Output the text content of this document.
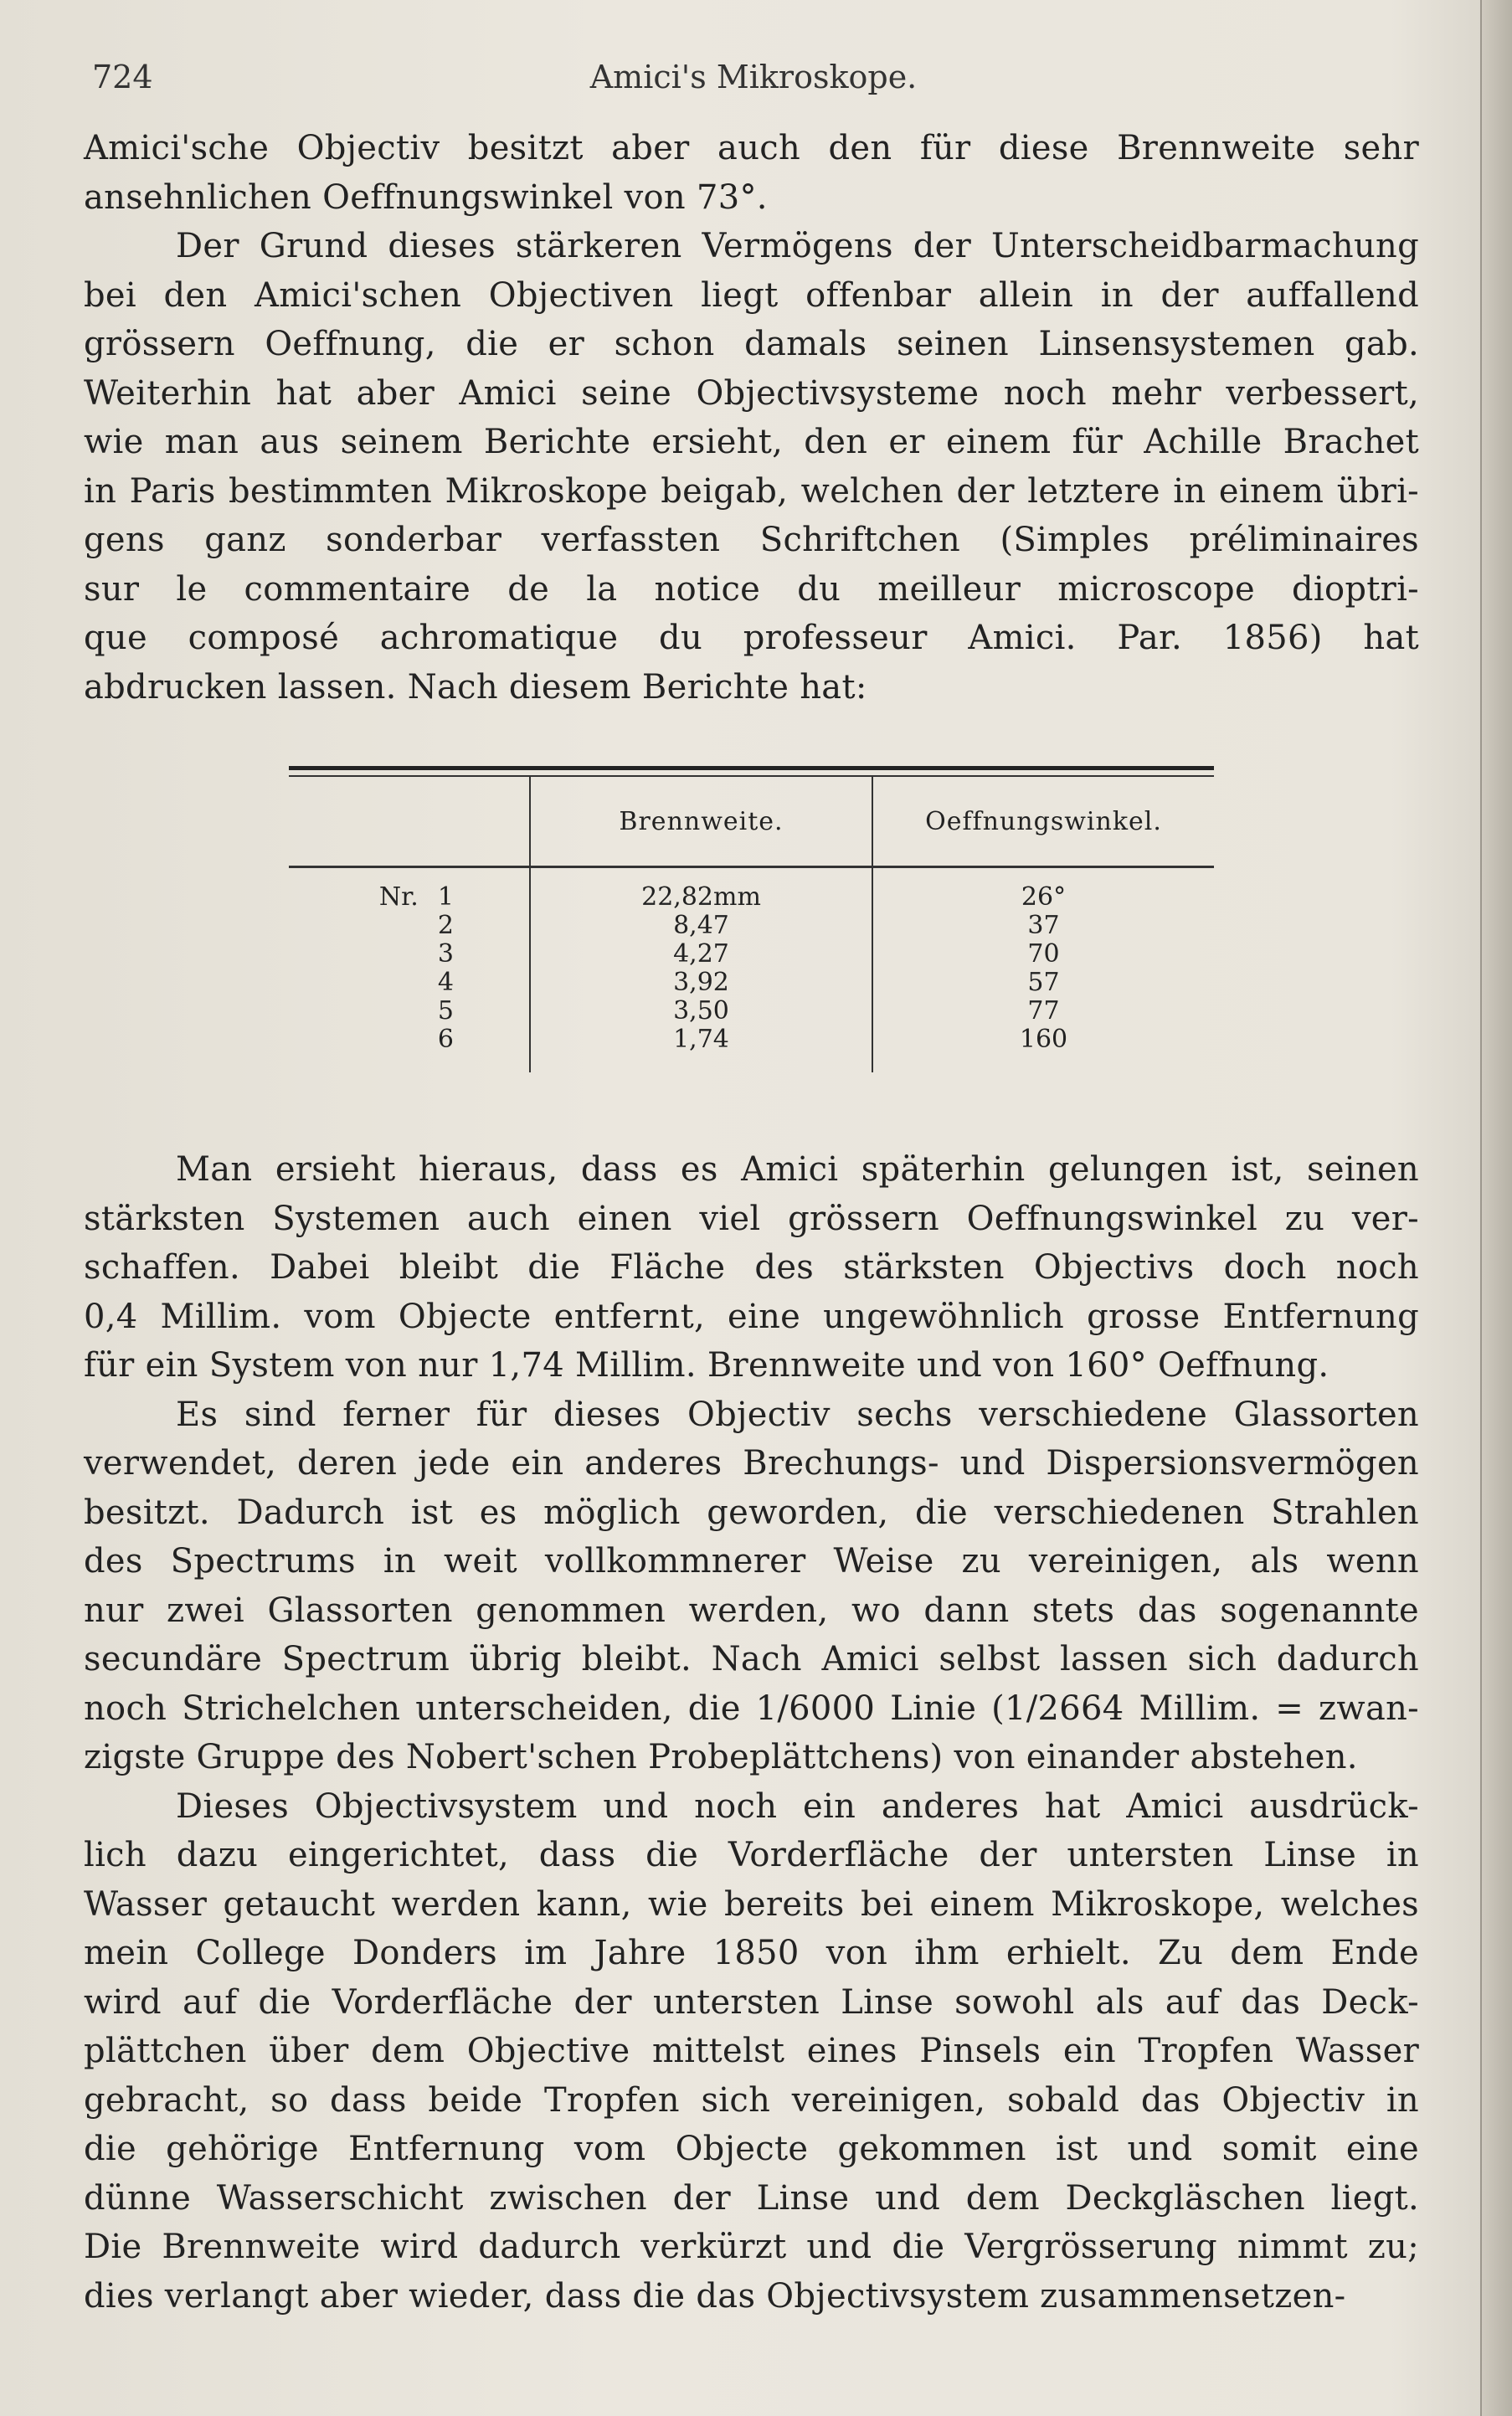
724	Amici's Mikroskope.
Amici'sche Objectiv besitzt aber auch den für diese Brennweite sehr
ansehnlichen Oeffnungswinkel von 73°.
Der Grund dieses stärkeren Vermögens der Unterscheidbarmachung
bei den Amici'schen Objectiven liegt offenbar allein in der auffallend
grössern Oeffnung, die er schon damals seinen Linsensystemen gab.
Weiterhin hat aber Amici seine Objectivsysteme noch mehr verbessert,
wie man aus seinem Berichte ersieht, den er einem für Achille Brachet
in Paris bestimmten Mikroskope beigab, welchen der letztere in einem übri-
gens ganz sonderbar verfassten Schriftchen (Simples préliminaires
sur le commentaire de la notice du meilleur microscope dioptri-
que composé achromatique du professeur Amici. Par. 1856) hat
abdrucken lassen. Nach diesem Berichte hat:
	Brennweite.	Oeffnungswinkel.
Nr. 1	22,82mm	26°
2	8,47	37
3	4,27	70
4	3,92	57
5	3,50	77
6	1,74	160
Man ersieht hieraus, dass es Amici späterhin gelungen ist, seinen
stärksten Systemen auch einen viel grössern Oeffnungswinkel zu ver-
schaffen. Dabei bleibt die Fläche des stärksten Objectivs doch noch
0,4 Millim. vom Objecte entfernt, eine ungewöhnlich grosse Entfernung
für ein System von nur 1,74 Millim. Brennweite und von 160° Oeffnung.
Es sind ferner für dieses Objectiv sechs verschiedene Glassorten
verwendet, deren jede ein anderes Brechungs- und Dispersionsvermögen
besitzt. Dadurch ist es möglich geworden, die verschiedenen Strahlen
des Spectrums in weit vollkommnerer Weise zu vereinigen, als wenn
nur zwei Glassorten genommen werden, wo dann stets das sogenannte
secundäre Spectrum übrig bleibt. Nach Amici selbst lassen sich dadurch
noch Strichelchen unterscheiden, die 1/6000 Linie (1/2664 Millim. = zwan-
zigste Gruppe des Nobert'schen Probeplättchens) von einander abstehen.
Dieses Objectivsystem und noch ein anderes hat Amici ausdrück-
lich dazu eingerichtet, dass die Vorderfläche der untersten Linse in
Wasser getaucht werden kann, wie bereits bei einem Mikroskope, welches
mein College Donders im Jahre 1850 von ihm erhielt. Zu dem Ende
wird auf die Vorderfläche der untersten Linse sowohl als auf das Deck-
plättchen über dem Objective mittelst eines Pinsels ein Tropfen Wasser
gebracht, so dass beide Tropfen sich vereinigen, sobald das Objectiv in
die gehörige Entfernung vom Objecte gekommen ist und somit eine
dünne Wasserschicht zwischen der Linse und dem Deckgläschen liegt.
Die Brennweite wird dadurch verkürzt und die Vergrösserung nimmt zu;
dies verlangt aber wieder, dass die das Objectivsystem zusammensetzen-
